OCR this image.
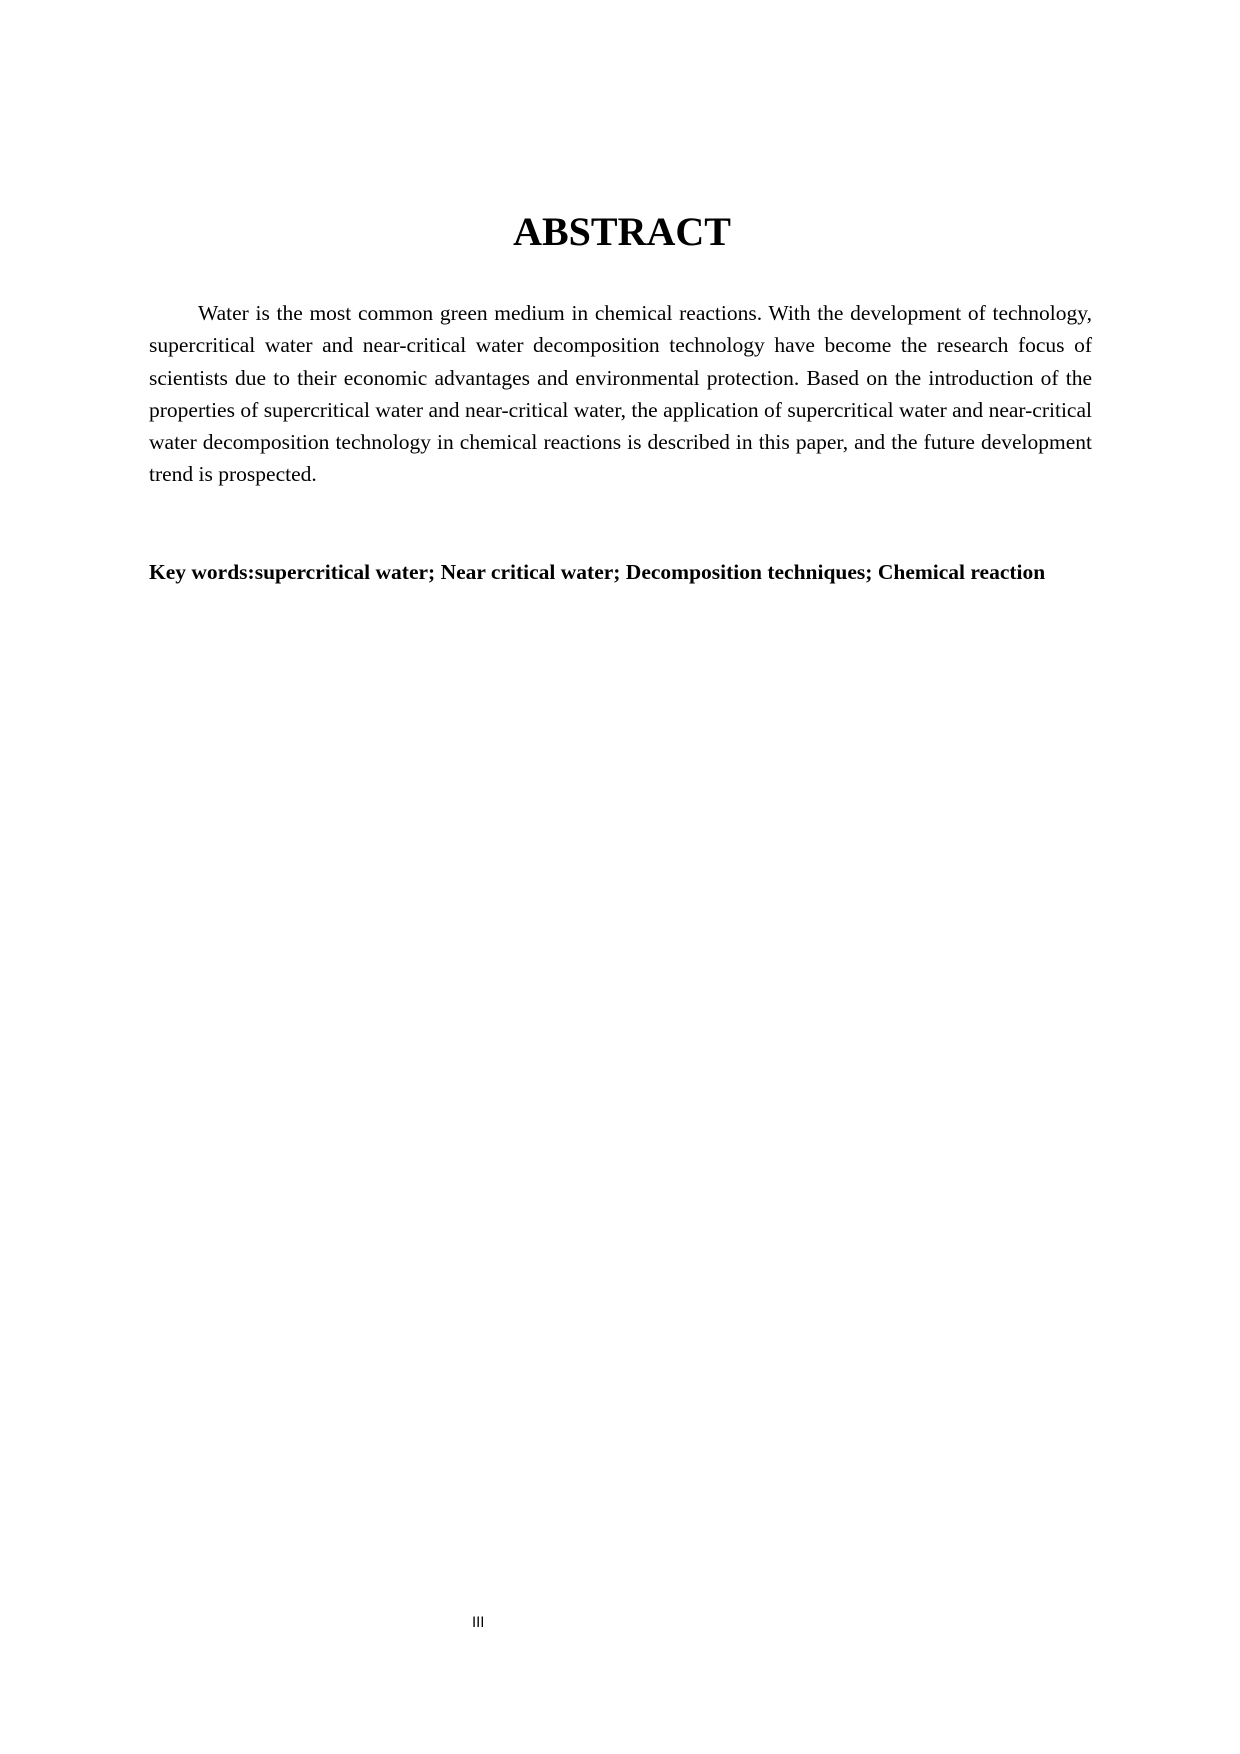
ABSTRACT

Water is the most common green medium in chemical reactions. With the development of technology, supercritical water and near-critical water decomposition technology have become the research focus of scientists due to their economic advantages and environmental protection. Based on the introduction of the properties of supercritical water and near-critical water, the application of supercritical water and near-critical water decomposition technology in chemical reactions is described in this paper, and the future development trend is prospected.

Key words:supercritical water; Near critical water; Decomposition techniques; Chemical reaction

III
